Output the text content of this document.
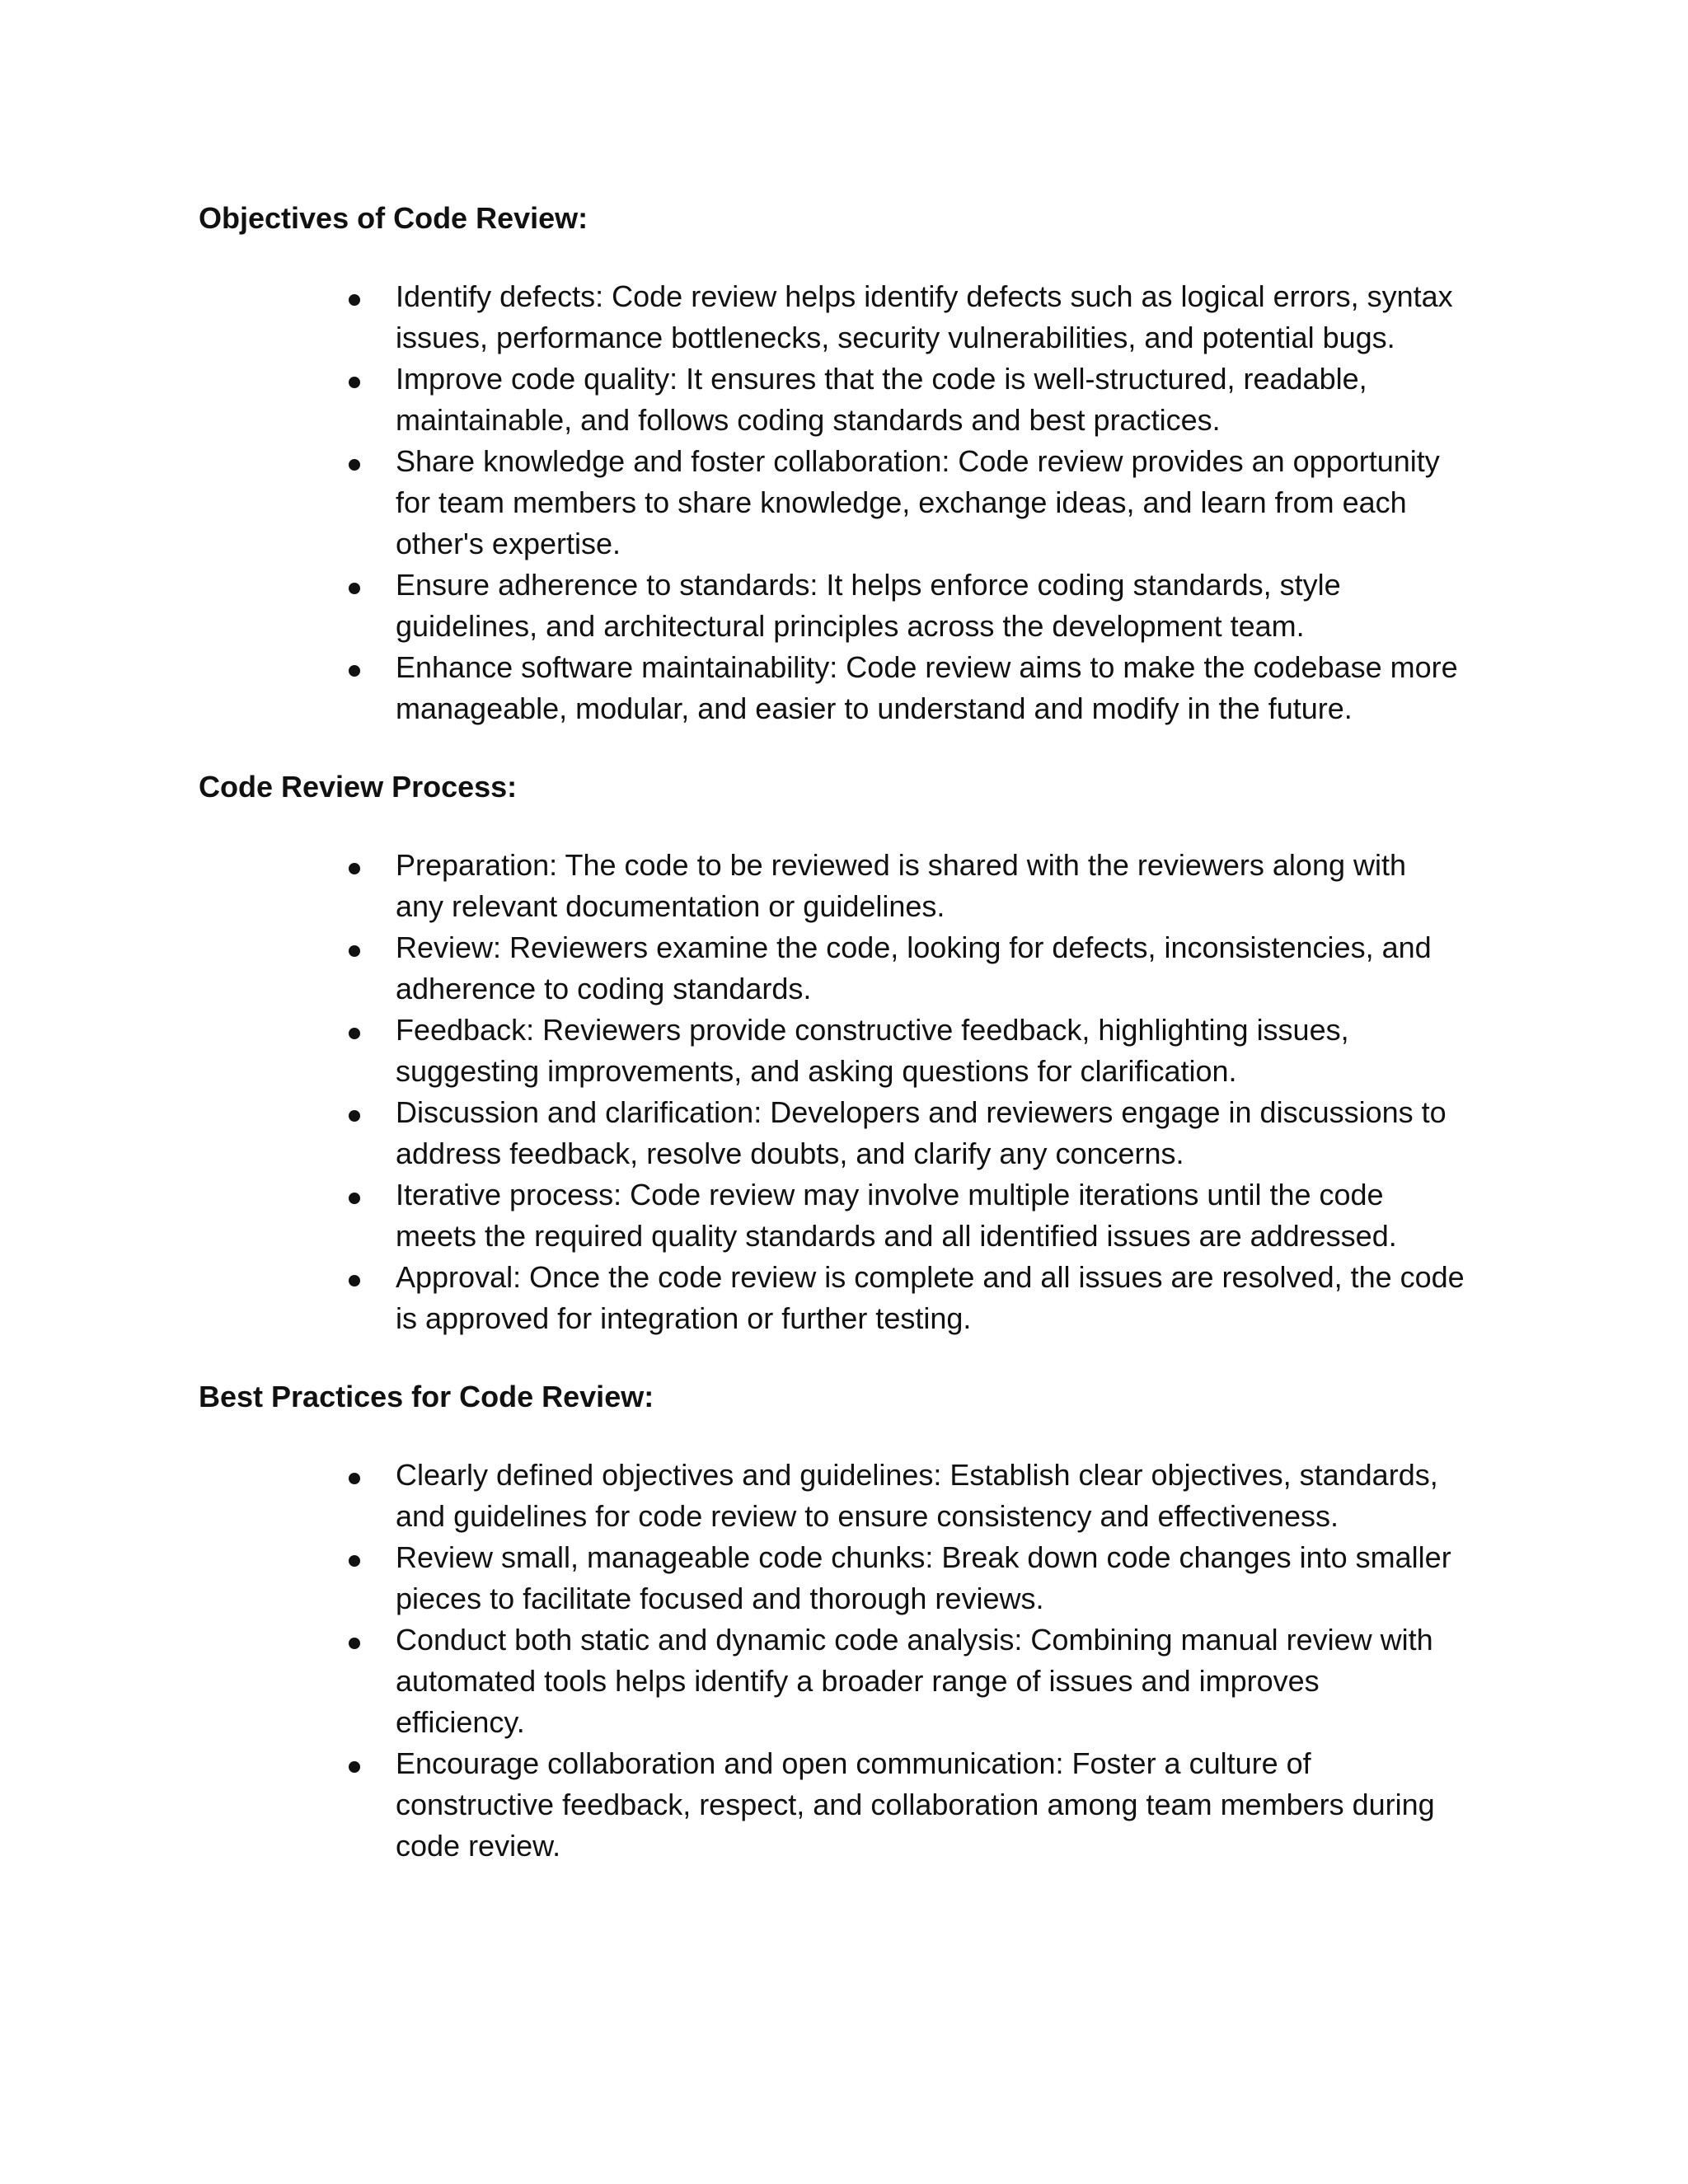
Objectives of Code Review:
Identify defects: Code review helps identify defects such as logical errors, syntax
issues, performance bottlenecks, security vulnerabilities, and potential bugs.
Improve code quality: It ensures that the code is well-structured, readable,
maintainable, and follows coding standards and best practices.
Share knowledge and foster collaboration: Code review provides an opportunity
for team members to share knowledge, exchange ideas, and learn from each
other's expertise.
Ensure adherence to standards: It helps enforce coding standards, style
guidelines, and architectural principles across the development team.
Enhance software maintainability: Code review aims to make the codebase more
manageable, modular, and easier to understand and modify in the future.
Code Review Process:
Preparation: The code to be reviewed is shared with the reviewers along with
any relevant documentation or guidelines.
Review: Reviewers examine the code, looking for defects, inconsistencies, and
adherence to coding standards.
Feedback: Reviewers provide constructive feedback, highlighting issues,
suggesting improvements, and asking questions for clarification.
Discussion and clarification: Developers and reviewers engage in discussions to
address feedback, resolve doubts, and clarify any concerns.
Iterative process: Code review may involve multiple iterations until the code
meets the required quality standards and all identified issues are addressed.
Approval: Once the code review is complete and all issues are resolved, the code
is approved for integration or further testing.
Best Practices for Code Review:
Clearly defined objectives and guidelines: Establish clear objectives, standards,
and guidelines for code review to ensure consistency and effectiveness.
Review small, manageable code chunks: Break down code changes into smaller
pieces to facilitate focused and thorough reviews.
Conduct both static and dynamic code analysis: Combining manual review with
automated tools helps identify a broader range of issues and improves
efficiency.
Encourage collaboration and open communication: Foster a culture of
constructive feedback, respect, and collaboration among team members during
code review.
